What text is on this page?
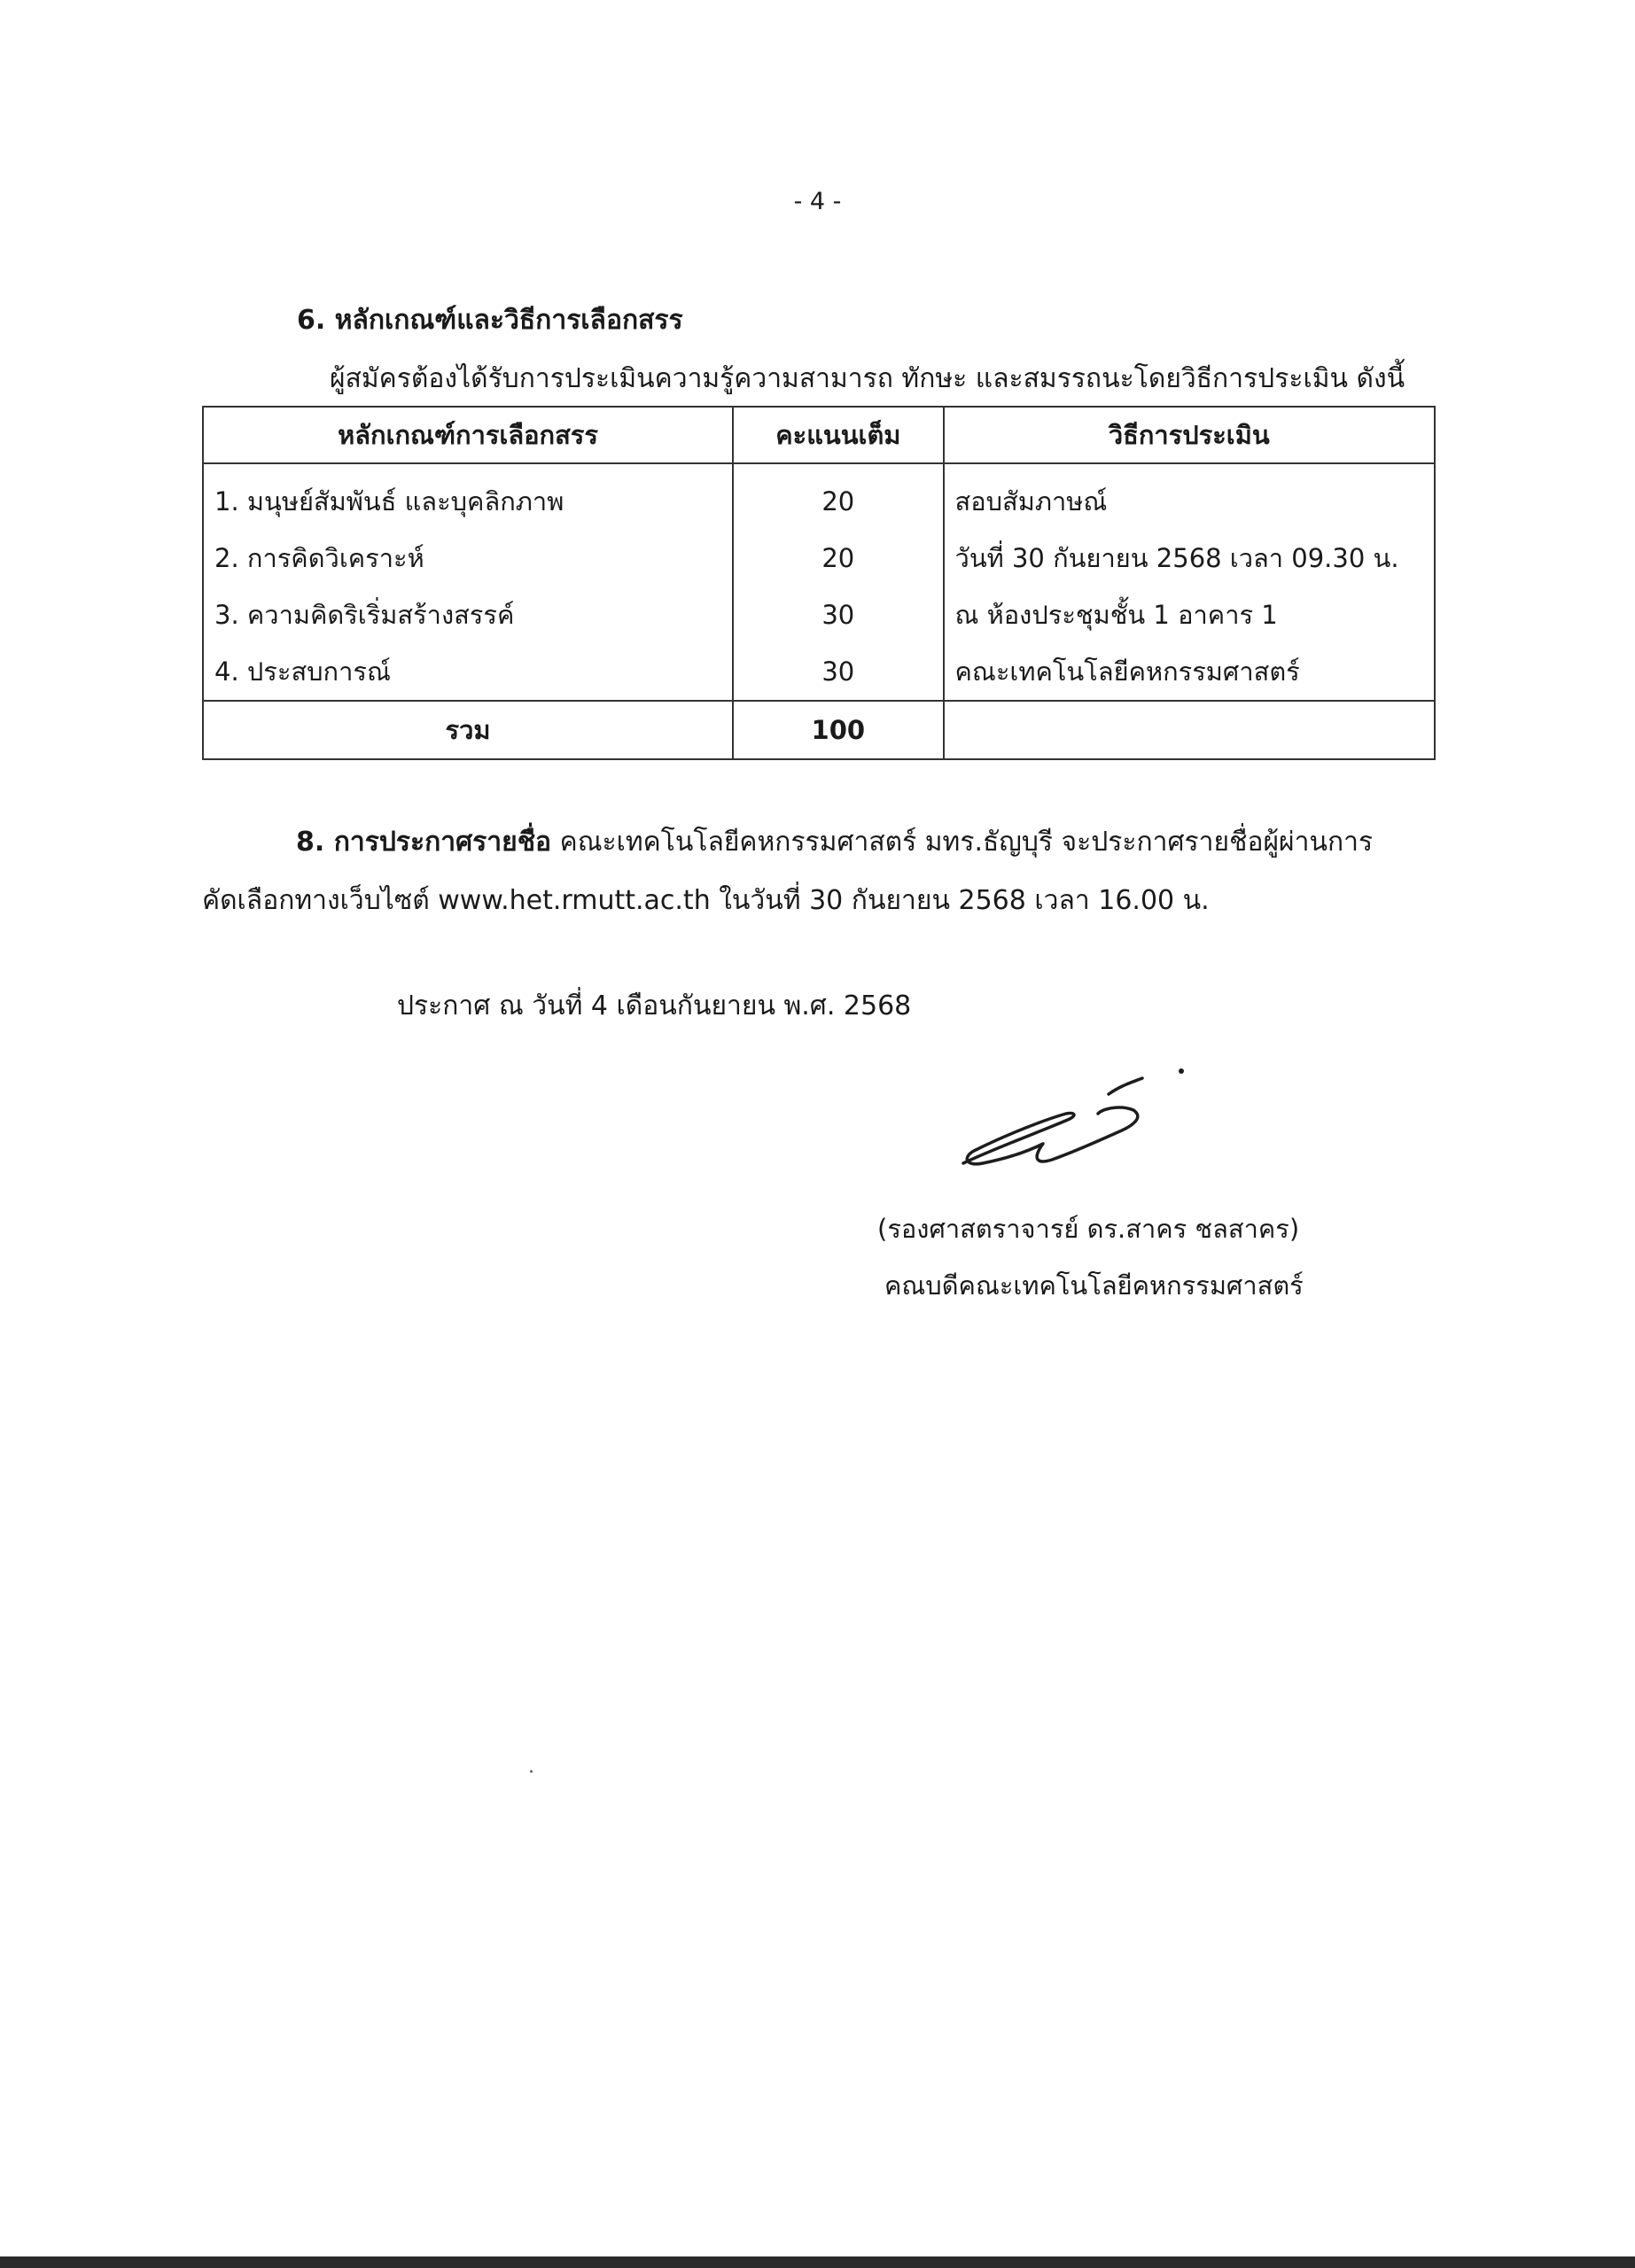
- 4 -
6. หลักเกณฑ์และวิธีการเลือกสรร
ผู้สมัครต้องได้รับการประเมินความรู้ความสามารถ ทักษะ และสมรรถนะโดยวิธีการประเมิน ดังนี้
หลักเกณฑ์การเลือกสรร	คะแนนเต็ม	วิธีการประเมิน
1. มนุษย์สัมพันธ์ และบุคลิกภาพ	20	สอบสัมภาษณ์
2. การคิดวิเคราะห์	20	วันที่ 30 กันยายน 2568 เวลา 09.30 น.
3. ความคิดริเริ่มสร้างสรรค์	30	ณ ห้องประชุมชั้น 1 อาคาร 1
4. ประสบการณ์	30	คณะเทคโนโลยีคหกรรมศาสตร์
รวม	100	
8. การประกาศรายชื่อ คณะเทคโนโลยีคหกรรมศาสตร์ มทร.ธัญบุรี จะประกาศรายชื่อผู้ผ่านการ
คัดเลือกทางเว็บไซต์ www.het.rmutt.ac.th ในวันที่ 30 กันยายน 2568 เวลา 16.00 น.
ประกาศ ณ วันที่ 4 เดือนกันยายน พ.ศ. 2568
(รองศาสตราจารย์ ดร.สาคร ชลสาคร)
คณบดีคณะเทคโนโลยีคหกรรมศาสตร์
